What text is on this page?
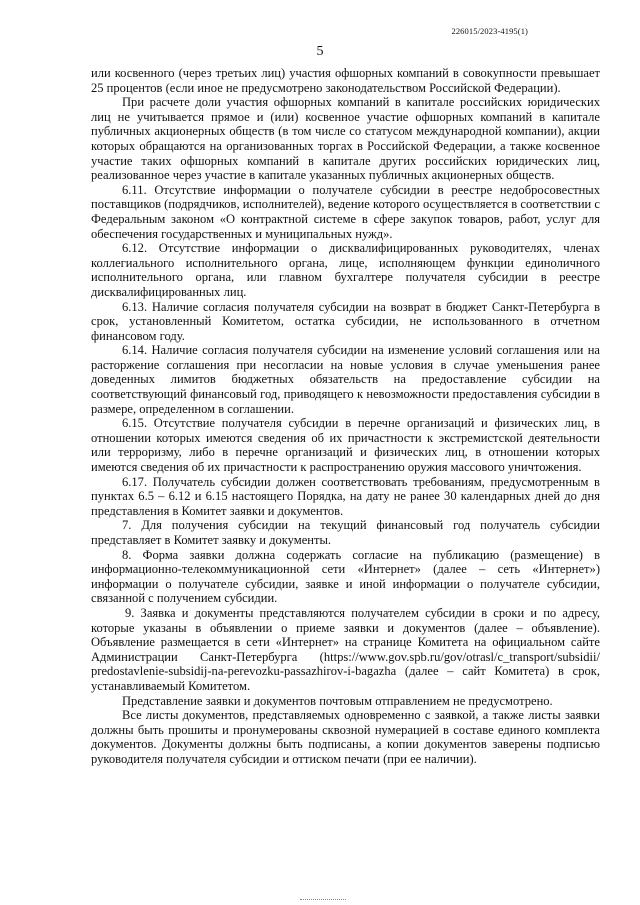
226015/2023-4195(1)
5

или косвенного (через третьих лиц) участия офшорных компаний в совокупности превышает 25 процентов (если иное не предусмотрено законодательством Российской Федерации).

При расчете доли участия офшорных компаний в капитале российских юридических лиц не учитывается прямое и (или) косвенное участие офшорных компаний в капитале публичных акционерных обществ (в том числе со статусом международной компании), акции которых обращаются на организованных торгах в Российской Федерации, а также косвенное участие таких офшорных компаний в капитале других российских юридических лиц, реализованное через участие в капитале указанных публичных акционерных обществ.

6.11. Отсутствие информации о получателе субсидии в реестре недобросовестных поставщиков (подрядчиков, исполнителей), ведение которого осуществляется в соответствии с Федеральным законом «О контрактной системе в сфере закупок товаров, работ, услуг для обеспечения государственных и муниципальных нужд».

6.12. Отсутствие информации о дисквалифицированных руководителях, членах коллегиального исполнительного органа, лице, исполняющем функции единоличного исполнительного органа, или главном бухгалтере получателя субсидии в реестре дисквалифицированных лиц.

6.13. Наличие согласия получателя субсидии на возврат в бюджет Санкт-Петербурга в срок, установленный Комитетом, остатка субсидии, не использованного в отчетном финансовом году.

6.14. Наличие согласия получателя субсидии на изменение условий соглашения или на расторжение соглашения при несогласии на новые условия в случае уменьшения ранее доведенных лимитов бюджетных обязательств на предоставление субсидии на соответствующий финансовый год, приводящего к невозможности предоставления субсидии в размере, определенном в соглашении.

6.15. Отсутствие получателя субсидии в перечне организаций и физических лиц, в отношении которых имеются сведения об их причастности к экстремистской деятельности или терроризму, либо в перечне организаций и физических лиц, в отношении которых имеются сведения об их причастности к распространению оружия массового уничтожения.

6.17. Получатель субсидии должен соответствовать требованиям, предусмотренным в пунктах 6.5 – 6.12 и 6.15 настоящего Порядка, на дату не ранее 30 календарных дней до дня представления в Комитет заявки и документов.

7. Для получения субсидии на текущий финансовый год получатель субсидии представляет в Комитет заявку и документы.

8. Форма заявки должна содержать согласие на публикацию (размещение) в информационно-телекоммуникационной сети «Интернет» (далее – сеть «Интернет») информации о получателе субсидии, заявке и иной информации о получателе субсидии, связанной с получением субсидии.

9. Заявка и документы представляются получателем субсидии в сроки и по адресу, которые указаны в объявлении о приеме заявки и документов (далее – объявление). Объявление размещается в сети «Интернет» на странице Комитета на официальном сайте Администрации Санкт-Петербурга (https://www.gov.spb.ru/gov/otrasl/c_transport/subsidii/ predostavlenie-subsidij-na-perevozku-passazhirov-i-bagazha (далее – сайт Комитета) в срок, устанавливаемый Комитетом.

Представление заявки и документов почтовым отправлением не предусмотрено.

Все листы документов, представляемых одновременно с заявкой, а также листы заявки должны быть прошиты и пронумерованы сквозной нумерацией в составе единого комплекта документов. Документы должны быть подписаны, а копии документов заверены подписью руководителя получателя субсидии и оттиском печати (при ее наличии).
